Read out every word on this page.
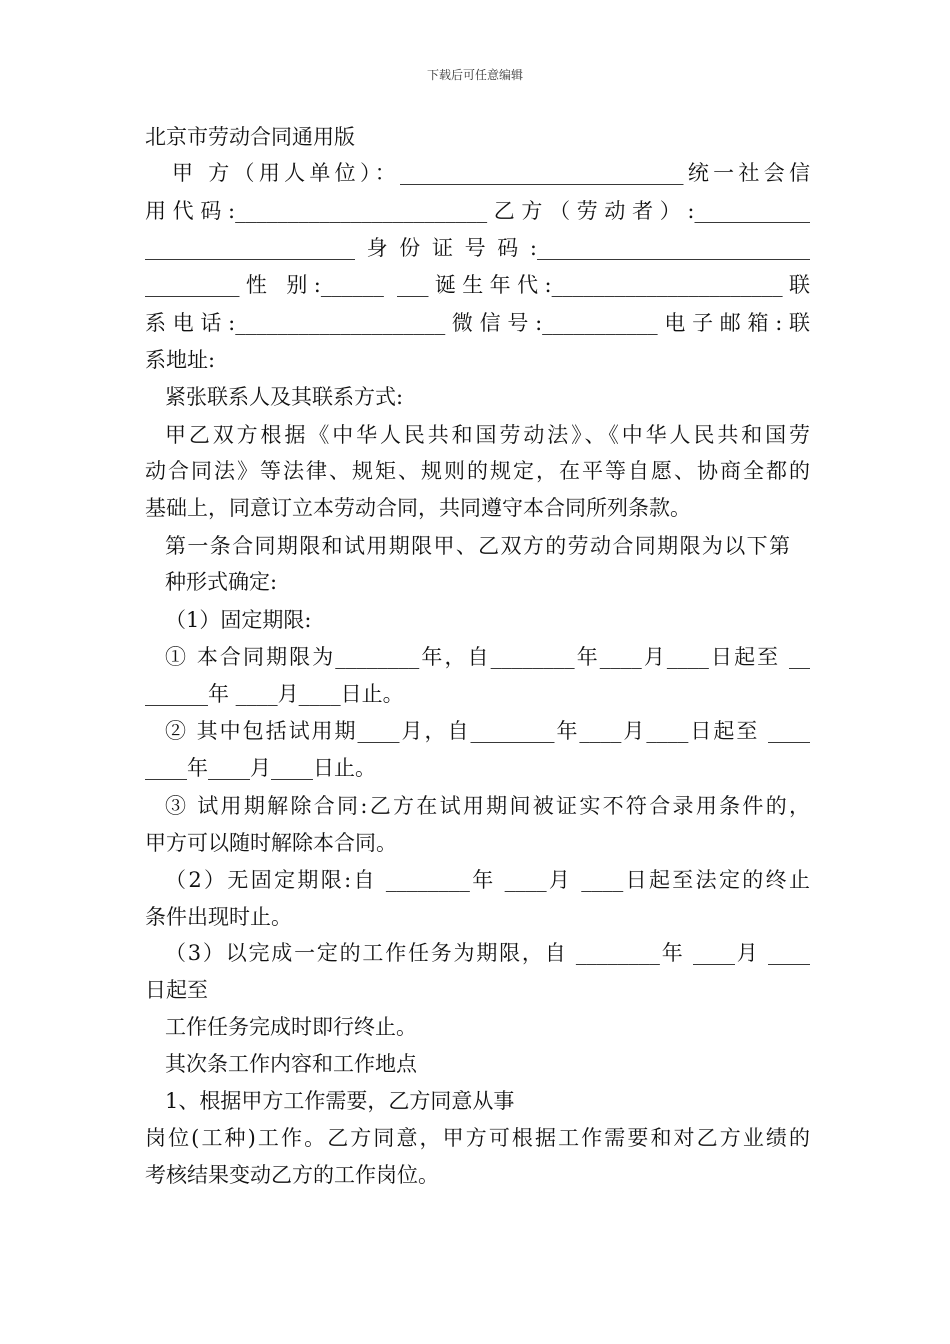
下载后可任意编辑
北京市劳动合同通用版
甲 方（用人单位）：___________________________统一社会信
用代码:________________________乙方（劳动者）:___________
____________________身份证号码:__________________________
_________性 别:______ ___诞生年代:______________________联
系电话:____________________微信号:___________电子邮箱:联
系地址:
紧张联系人及其联系方式:
甲乙双方根据《中华人民共和国劳动法》、《中华人民共和国劳
动合同法》等法律、规矩、规则的规定，在平等自愿、协商全都的
基础上，同意订立本劳动合同，共同遵守本合同所列条款。
第一条合同期限和试用期限甲、乙双方的劳动合同期限为以下第
种形式确定:
（1）固定期限:
① 本合同期限为________年，自________年____月____日起至 __
______年 ____月____日止。
② 其中包括试用期____月，自________年____月____日起至 ____
____年____月____日止。
③ 试用期解除合同:乙方在试用期间被证实不符合录用条件的，
甲方可以随时解除本合同。
（2）无固定期限:自 ________年 ____月 ____日起至法定的终止
条件出现时止。
（3）以完成一定的工作任务为期限，自 ________年 ____月 ____
日起至
工作任务完成时即行终止。
其次条工作内容和工作地点
1、根据甲方工作需要，乙方同意从事
岗位(工种)工作。乙方同意，甲方可根据工作需要和对乙方业绩的
考核结果变动乙方的工作岗位。
